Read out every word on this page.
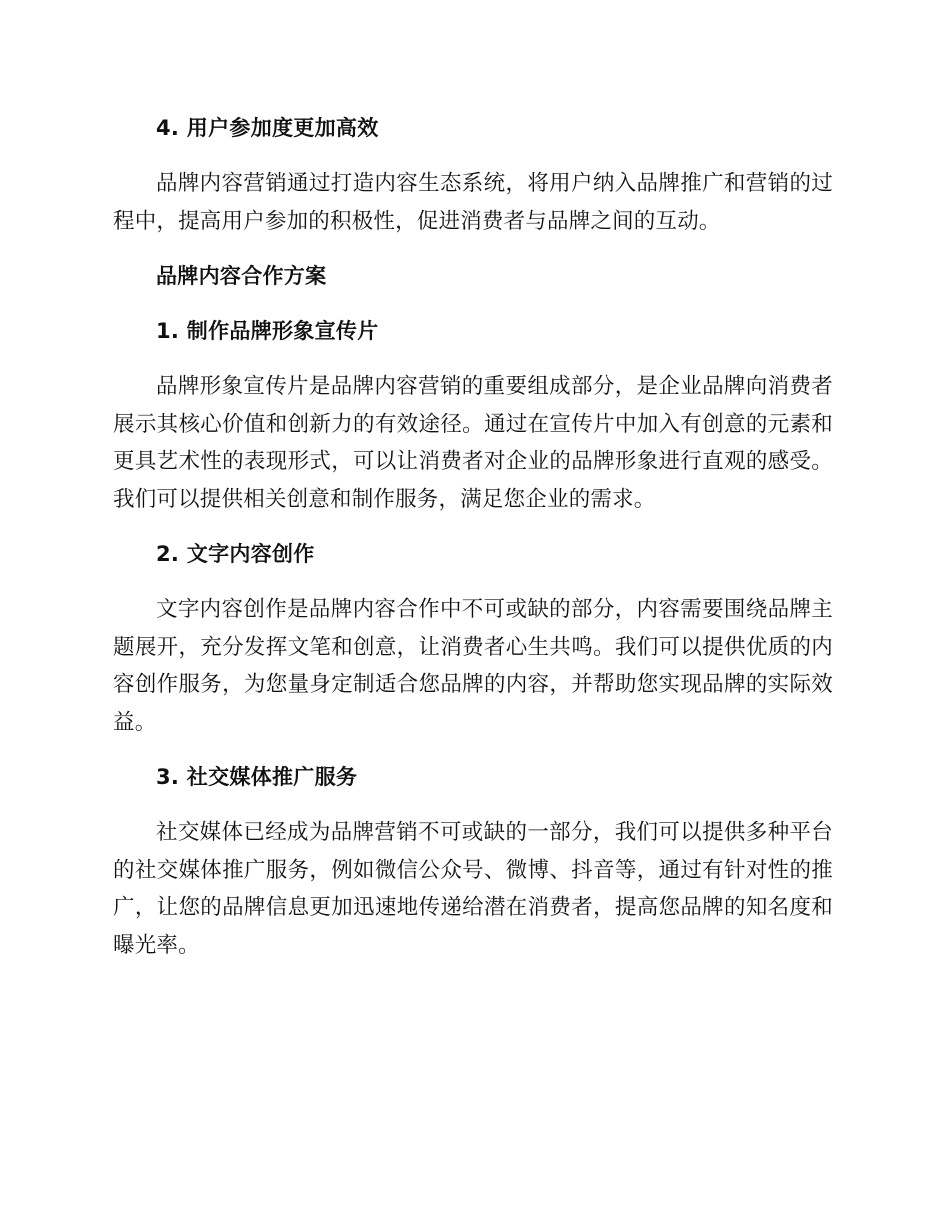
4. 用户参加度更加高效

品牌内容营销通过打造内容生态系统，将用户纳入品牌推广和营销的过程中，提高用户参加的积极性，促进消费者与品牌之间的互动。

品牌内容合作方案
1. 制作品牌形象宣传片

品牌形象宣传片是品牌内容营销的重要组成部分，是企业品牌向消费者展示其核心价值和创新力的有效途径。通过在宣传片中加入有创意的元素和更具艺术性的表现形式，可以让消费者对企业的品牌形象进行直观的感受。我们可以提供相关创意和制作服务，满足您企业的需求。

2. 文字内容创作

文字内容创作是品牌内容合作中不可或缺的部分，内容需要围绕品牌主题展开，充分发挥文笔和创意，让消费者心生共鸣。我们可以提供优质的内容创作服务，为您量身定制适合您品牌的内容，并帮助您实现品牌的实际效益。

3. 社交媒体推广服务

社交媒体已经成为品牌营销不可或缺的一部分，我们可以提供多种平台的社交媒体推广服务，例如微信公众号、微博、抖音等，通过有针对性的推广，让您的品牌信息更加迅速地传递给潜在消费者，提高您品牌的知名度和曝光率。
